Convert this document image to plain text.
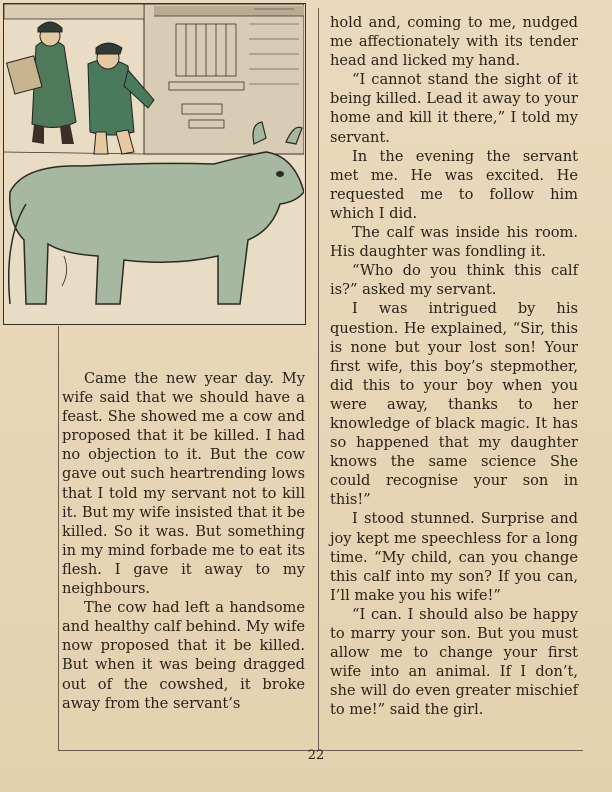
hold and, coming to me, nudged me affectionately with its tender head and licked my hand.

“I cannot stand the sight of it being killed. Lead it away to your home and kill it there,” I told my servant.

In the evening the servant met me. He was excited. He requested me to follow him which I did.

The calf was inside his room. His daughter was fondling it.

“Who do you think this calf is?” asked my servant.

I was intrigued by his question. He explained, “Sir, this is none but your lost son! Your first wife, this boy’s stepmother, did this to your boy when you were away, thanks to her knowledge of black magic. It has so happened that my daughter knows the same science She could recognise your son in this!”

I stood stunned. Surprise and joy kept me speechless for a long time. “My child, can you change this calf into my son? If you can, I’ll make you his wife!”

“I can. I should also be happy to marry your son. But you must allow me to change your first wife into an animal. If I don’t, she will do even greater mischief to me!” said the girl.

Came the new year day. My wife said that we should have a feast. She showed me a cow and proposed that it be killed. I had no objection to it. But the cow gave out such heartrending lows that I told my servant not to kill it. But my wife insisted that it be killed. So it was. But something in my mind forbade me to eat its flesh. I gave it away to my neighbours.

The cow had left a handsome and healthy calf behind. My wife now proposed that it be killed. But when it was being dragged out of the cowshed, it broke away from the servant’s

22
